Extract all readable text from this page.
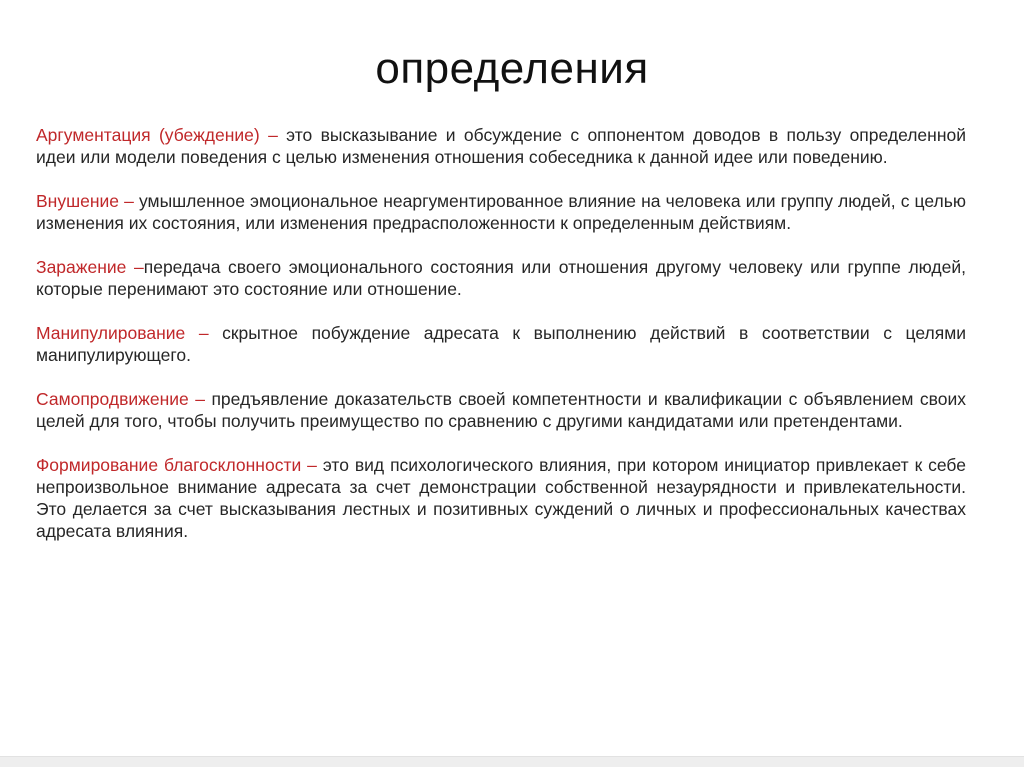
определения

Аргументация (убеждение) – это высказывание и обсуждение с оппонентом доводов в пользу определенной идеи или модели поведения с целью изменения отношения собеседника к данной идее или поведению.

Внушение – умышленное эмоциональное неаргументированное влияние на человека или группу людей, с целью изменения их состояния, или изменения предрасположенности к определенным действиям.

Заражение –передача своего эмоционального состояния или отношения другому человеку или группе людей, которые перенимают это состояние или отношение.

Манипулирование – скрытное побуждение адресата к выполнению действий в соответствии с целями манипулирующего.

Самопродвижение – предъявление доказательств своей компетентности и квалификации с объявлением своих целей для того, чтобы получить преимущество по сравнению с другими кандидатами или претендентами.

Формирование благосклонности – это вид психологического влияния, при котором инициатор привлекает к себе непроизвольное внимание адресата за счет демонстрации собственной незаурядности и привлекательности. Это делается за счет высказывания лестных и позитивных суждений о личных и профессиональных качествах адресата влияния.
